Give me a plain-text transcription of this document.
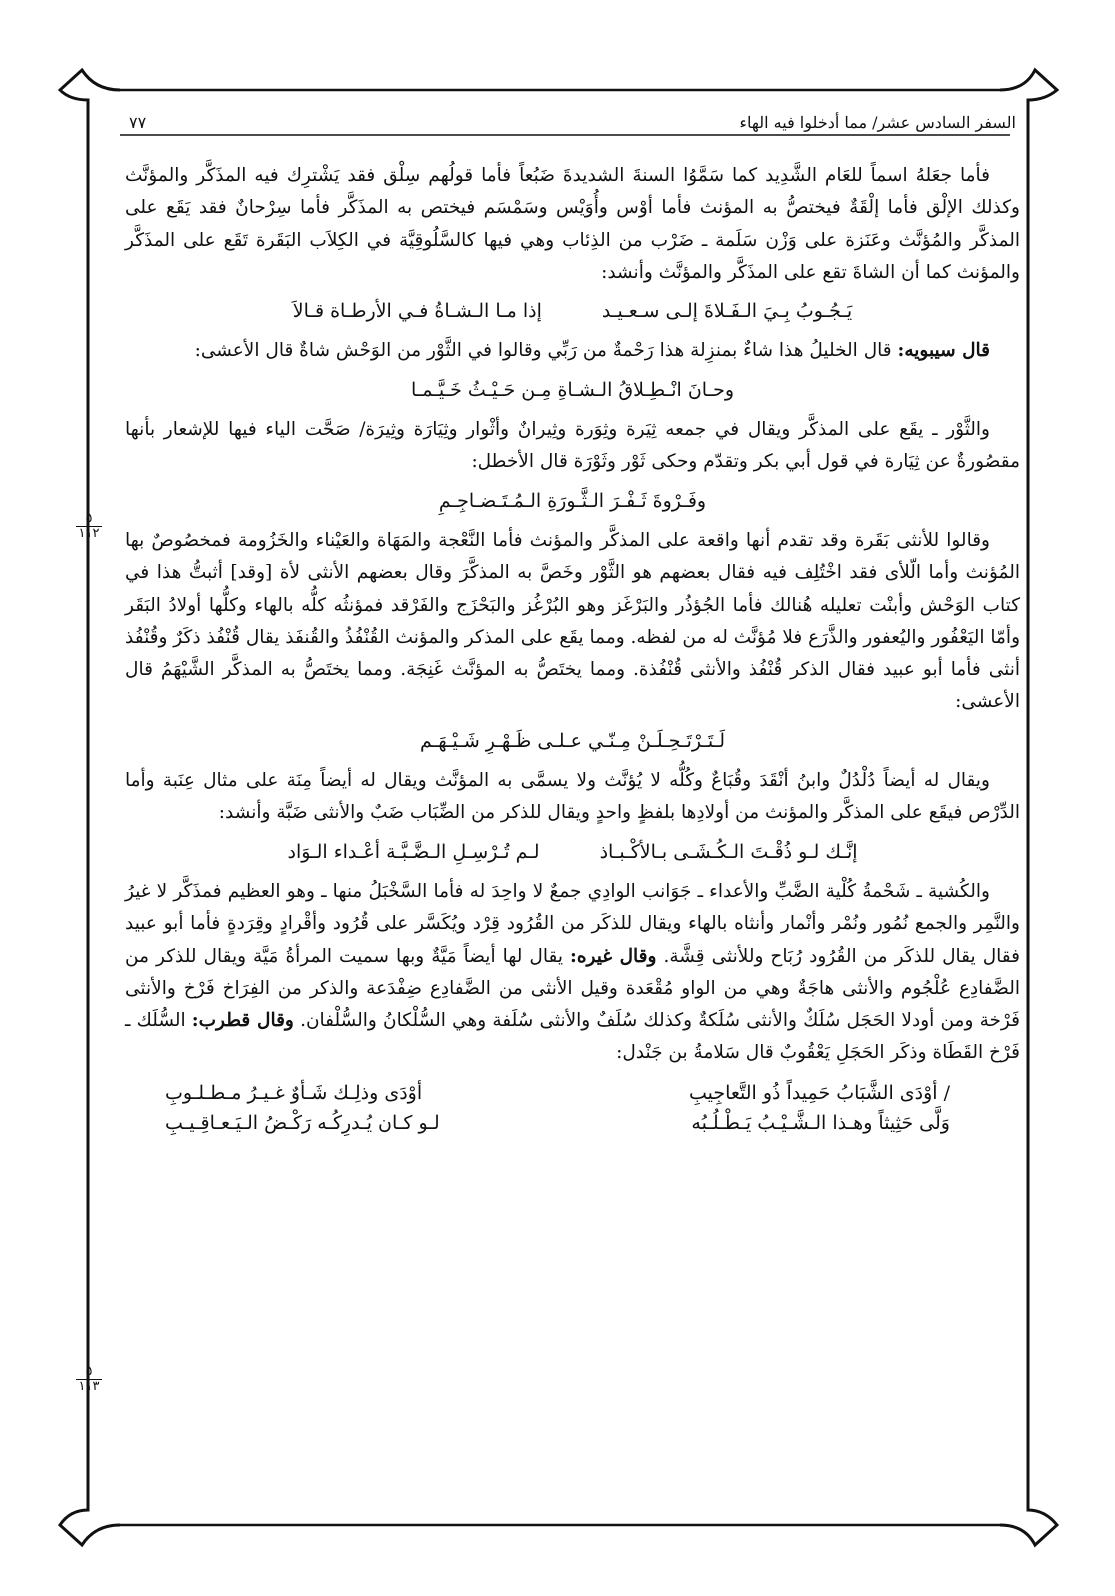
السفر السادس عشر/ مما أدخلوا فيه الهاء
٧٧

فأما جعَلهُ اسماً للعَام الشَّدِيد كما سَمَّوُا السنةَ الشديدةَ ضَبُعاً فأما قولُهم سِلْق فقد يَشْترِك فيه المذَكَّر والمؤنَّث وكذلك الإلْق فأما إلْقَةٌ فيختصُّ به المؤنث فأما أوْس وأُوَيْس وسَمْسَم فيختص به المذَكَّر فأما سِرْحانٌ فقد يَقَع على المذكَّر والمُؤنَّث وعَنَزة على وَزْن سَلَمة ـ ضَرْب من الذِئاب وهي فيها كالسَّلُوقِيَّة في الكِلاَب البَقَرة تَقَع على المذَكَّر والمؤنث كما أن الشاةَ تقع على المذَكَّر والمؤنَّث وأنشد:

يَـجُـوبُ بِـيَ الـفَـلاةَ إلـى سـعـيـد
إذا مـا الـشـاةُ فـي الأرطـاة قـالاَ

قال سيبويه: قال الخليلُ هذا شاءٌ بمنزِلة هذا رَحْمةٌ من رَبِّي وقالوا في الثَّوْر من الوَحْش شاةٌ قال الأعشى:

وحـانَ انْـطِـلاقُ الـشـاةِ مِـن حَـيْـثُ خَـيَّـمـا

والثَّوْر ـ يقَع على المذكَّر ويقال في جمعه ثِيَرة وثِوَرة وثِيرانٌ وأثْوار وثِيَارَة وثِيرَة/ صَحَّت الياء فيها للإشعار بأنها مقصُورةٌ عن ثِيَارة في قول أبي بكر وتقدّم وحكى ثَوْر وثَوْرَة قال الأخطل:

وفَـرْوةَ ثَـفْـرَ الـثَّـورَةِ الـمُـتَـضـاجِـمِ

وقالوا للأنثى بَقَرة وقد تقدم أنها واقعة على المذكَّر والمؤنث فأما النَّعْجة والمَهَاة والعَيْناء والخَزُومة فمخصُوصٌ بها المُؤنث وأما الّلأى فقد اخْتُلِف فيه فقال بعضهم هو الثَّوْر وخَصَّ به المذكَّرَ وقال بعضهم الأنثى لأة [وقد] أثبتُّ هذا في كتاب الوَحْش وأبنْت تعليله هُنالك فأما الجُؤذُر والبَرْغَز وهو البُرْغُز والبَحْزَج والفَرْقد فمؤنثُه كلُّه بالهاء وكلُّها أولادُ البَقَر وأمّا اليَعْفُور واليُعفور والذَّرَع فلا مُؤنَّث له من لفظه. ومما يقَع على المذكر والمؤنث القُنْفُذُ والقُنفَذ يقال قُنْفُذ ذكَرٌ وقُنْفُذ أنثى فأما أبو عبيد فقال الذكر قُنْفُذ والأنثى قُنْفُذة. ومما يختَصُّ به المؤنَّث غَنِجَة. ومما يختَصُّ به المذكَّر الشَّيْهَمُ قال الأعشى:

لَـتَـرْتَـحِـلَـنْ مِـنّـي عـلـى ظَـهْـرِ شَـيْـهَـم

ويقال له أيضاً دُلْدُلٌ وابنُ أنْقَدَ وقُبَاعٌ وكُلُّه لا يُؤنَّث ولا يسمَّى به المؤنَّث ويقال له أيضاً مِنَة على مثال عِنَبة وأما الدِّرْص فيقَع على المذكَّر والمؤنث من أولادِها بلفظٍ واحدٍ ويقال للذكر من الضِّبَاب ضَبٌ والأنثى ضَبَّة وأنشد:

إنَّـك لـو ذُقْـتَ الـكُـشَـى بـالأكْـبـاذ
لـم تُـرْسِـلِ الـضَّـبَّـة أعْـداء الـوَاد

والكُشية ـ شَحْمةُ كُلْية الضَّبِّ والأعداء ـ جَوَانب الوادِي جمعٌ لا واحِدَ له فأما السَّخْبَلُ منها ـ وهو العظيم فمذَكَّر لا غيرُ والنَّمِر والجمع نُمُور ونُمْر وأنْمار وأنثاه بالهاء ويقال للذكَر من القُرُود قِرْد ويُكَسَّر على قُرُود وأقْرادٍ وقِرَدةٍ فأما أبو عبيد فقال يقال للذكَر من القُرُود رُبَاح وللأنثى قِشَّة. وقال غيره: يقال لها أيضاً مَيَّةٌ وبها سميت المرأةُ مَيَّة ويقال للذكر من الضَّفادِع عُلْجُوم والأنثى هاجَةٌ وهي من الواو مُقْعَدة وقيل الأنثى من الضَّفادِع ضِفْدَعة والذكر من الفِرَاخ فَرْخ والأنثى فَرْخة ومن أودلا الحَجَل سُلَكٌ والأنثى سُلَكةٌ وكذلك سُلَفٌ والأنثى سُلَفة وهي السُّلْكانُ والسُّلْفان. وقال قطرب: السُّلَك ـ فَرْخ القَطَاة وذكَر الحَجَلِ يَعْقُوبٌ قال سَلامةُ بن جَنْدل:

/ أوْدَى الشَّبَابُ حَمِيداً ذُو التَّعاجِيبِ
أوْدَى وذلِـك شَـأوٌ غـيـرُ مـطـلـوبِ
وَلَّى حَثِيثاً وهـذا الـشَّـيْـبُ يَـطْـلُـبُه
لـو كـان يُـدرِكُـه رَكْـضُ الـيَـعـاقِـيـبِ
٥
١١٢
٥
١١٣
